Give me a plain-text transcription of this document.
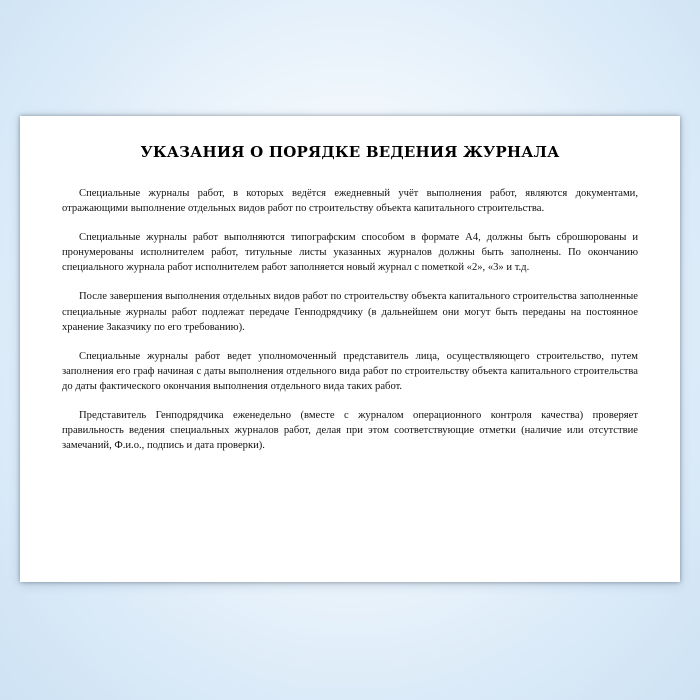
УКАЗАНИЯ О ПОРЯДКЕ ВЕДЕНИЯ ЖУРНАЛА

Специальные журналы работ, в которых ведётся ежедневный учёт выполнения работ, являются документами, отражающими выполнение отдельных видов работ по строительству объекта капитального строительства.

Специальные журналы работ выполняются типографским способом в формате А4, должны быть сброшюрованы и пронумерованы исполнителем работ, титульные листы указанных журналов должны быть заполнены. По окончанию специального журнала работ исполнителем работ заполняется новый журнал с пометкой «2», «3» и т.д.

После завершения выполнения отдельных видов работ по строительству объекта капитального строительства заполненные специальные журналы работ подлежат передаче Генподрядчику (в дальнейшем они могут быть переданы на постоянное хранение Заказчику по его требованию).

Специальные журналы работ ведет уполномоченный представитель лица, осуществляющего строительство, путем заполнения его граф начиная с даты выполнения отдельного вида работ по строительству объекта капитального строительства до даты фактического окончания выполнения отдельного вида таких работ.

Представитель Генподрядчика еженедельно (вместе с журналом операционного контроля качества) проверяет правильность ведения специальных журналов работ, делая при этом соответствующие отметки (наличие или отсутствие замечаний, Ф.и.о., подпись и дата проверки).
